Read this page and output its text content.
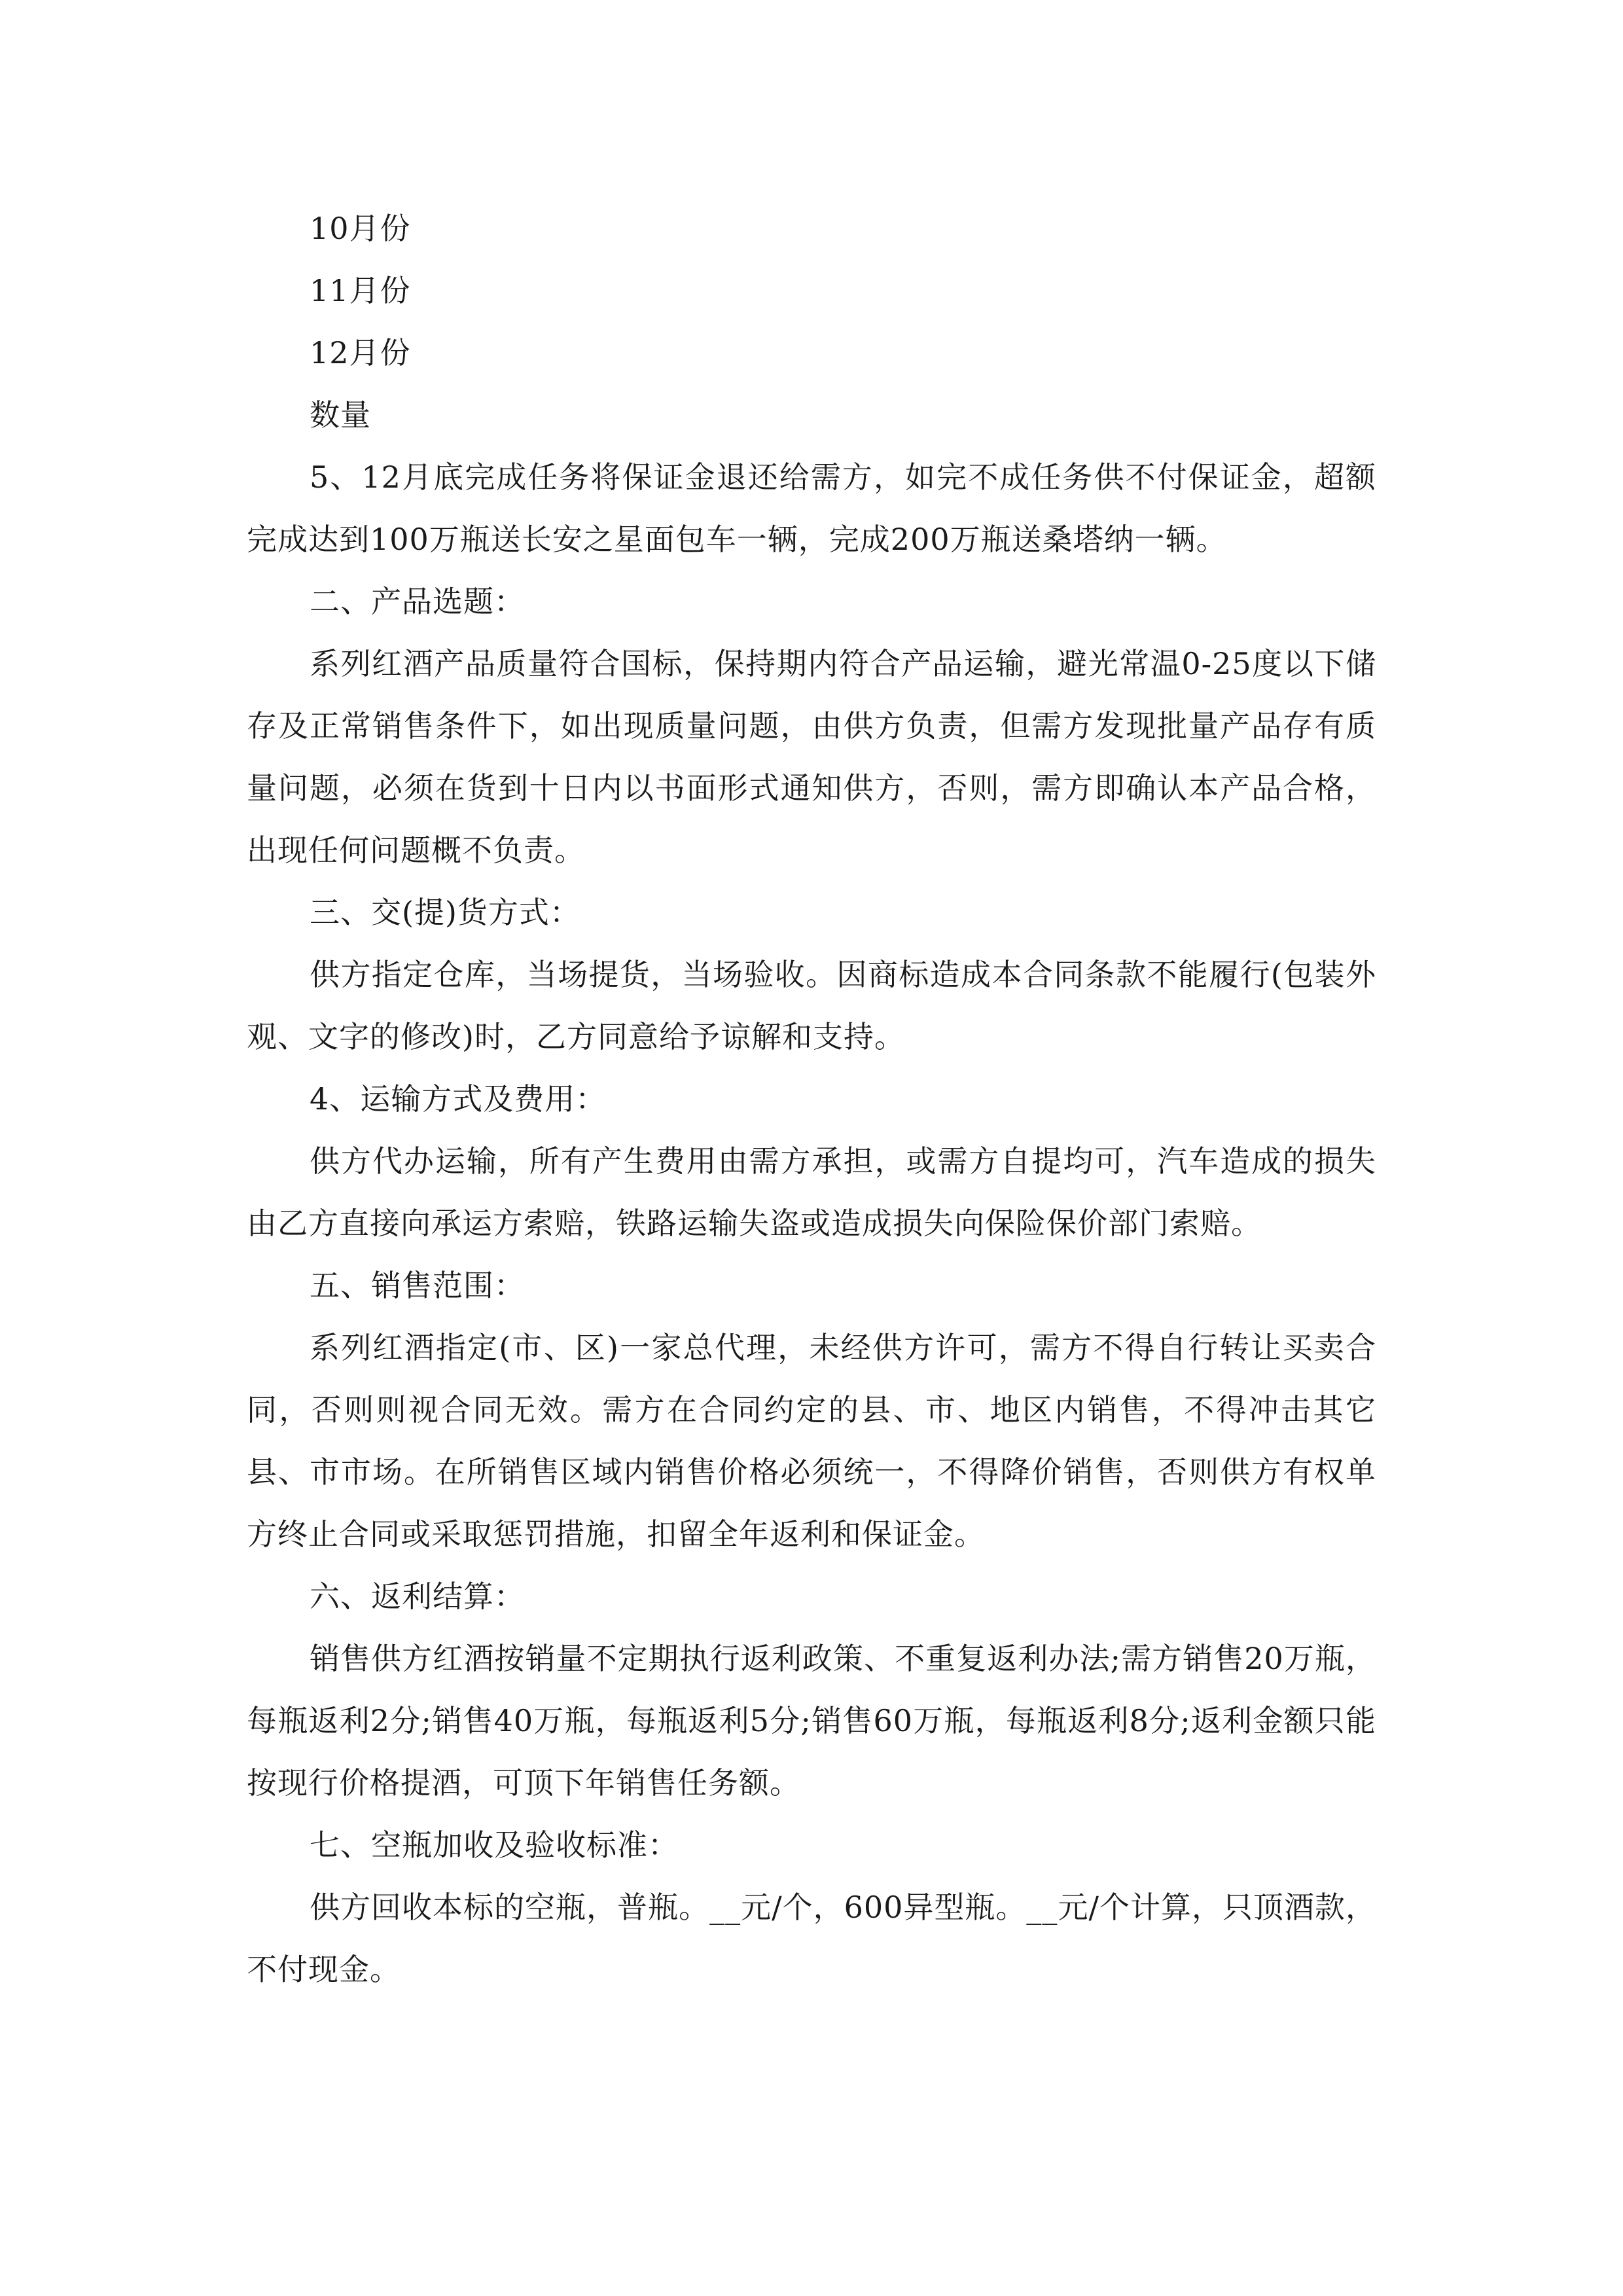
10月份

11月份

12月份

数量

5、12月底完成任务将保证金退还给需方，如完不成任务供不付保证金，超额完成达到100万瓶送长安之星面包车一辆，完成200万瓶送桑塔纳一辆。

二、产品选题：

系列红酒产品质量符合国标，保持期内符合产品运输，避光常温0-25度以下储存及正常销售条件下，如出现质量问题，由供方负责，但需方发现批量产品存有质量问题，必须在货到十日内以书面形式通知供方，否则，需方即确认本产品合格，出现任何问题概不负责。

三、交(提)货方式：

供方指定仓库，当场提货，当场验收。因商标造成本合同条款不能履行(包装外观、文字的修改)时，乙方同意给予谅解和支持。

4、运输方式及费用：

供方代办运输，所有产生费用由需方承担，或需方自提均可，汽车造成的损失由乙方直接向承运方索赔，铁路运输失盗或造成损失向保险保价部门索赔。

五、销售范围：

系列红酒指定(市、区)一家总代理，未经供方许可，需方不得自行转让买卖合同，否则则视合同无效。需方在合同约定的县、市、地区内销售，不得冲击其它县、市市场。在所销售区域内销售价格必须统一，不得降价销售，否则供方有权单方终止合同或采取惩罚措施，扣留全年返利和保证金。

六、返利结算：

销售供方红酒按销量不定期执行返利政策、不重复返利办法;需方销售20万瓶，每瓶返利2分;销售40万瓶，每瓶返利5分;销售60万瓶，每瓶返利8分;返利金额只能按现行价格提酒，可顶下年销售任务额。

七、空瓶加收及验收标准：

供方回收本标的空瓶，普瓶。__元/个，600异型瓶。__元/个计算，只顶酒款，不付现金。
